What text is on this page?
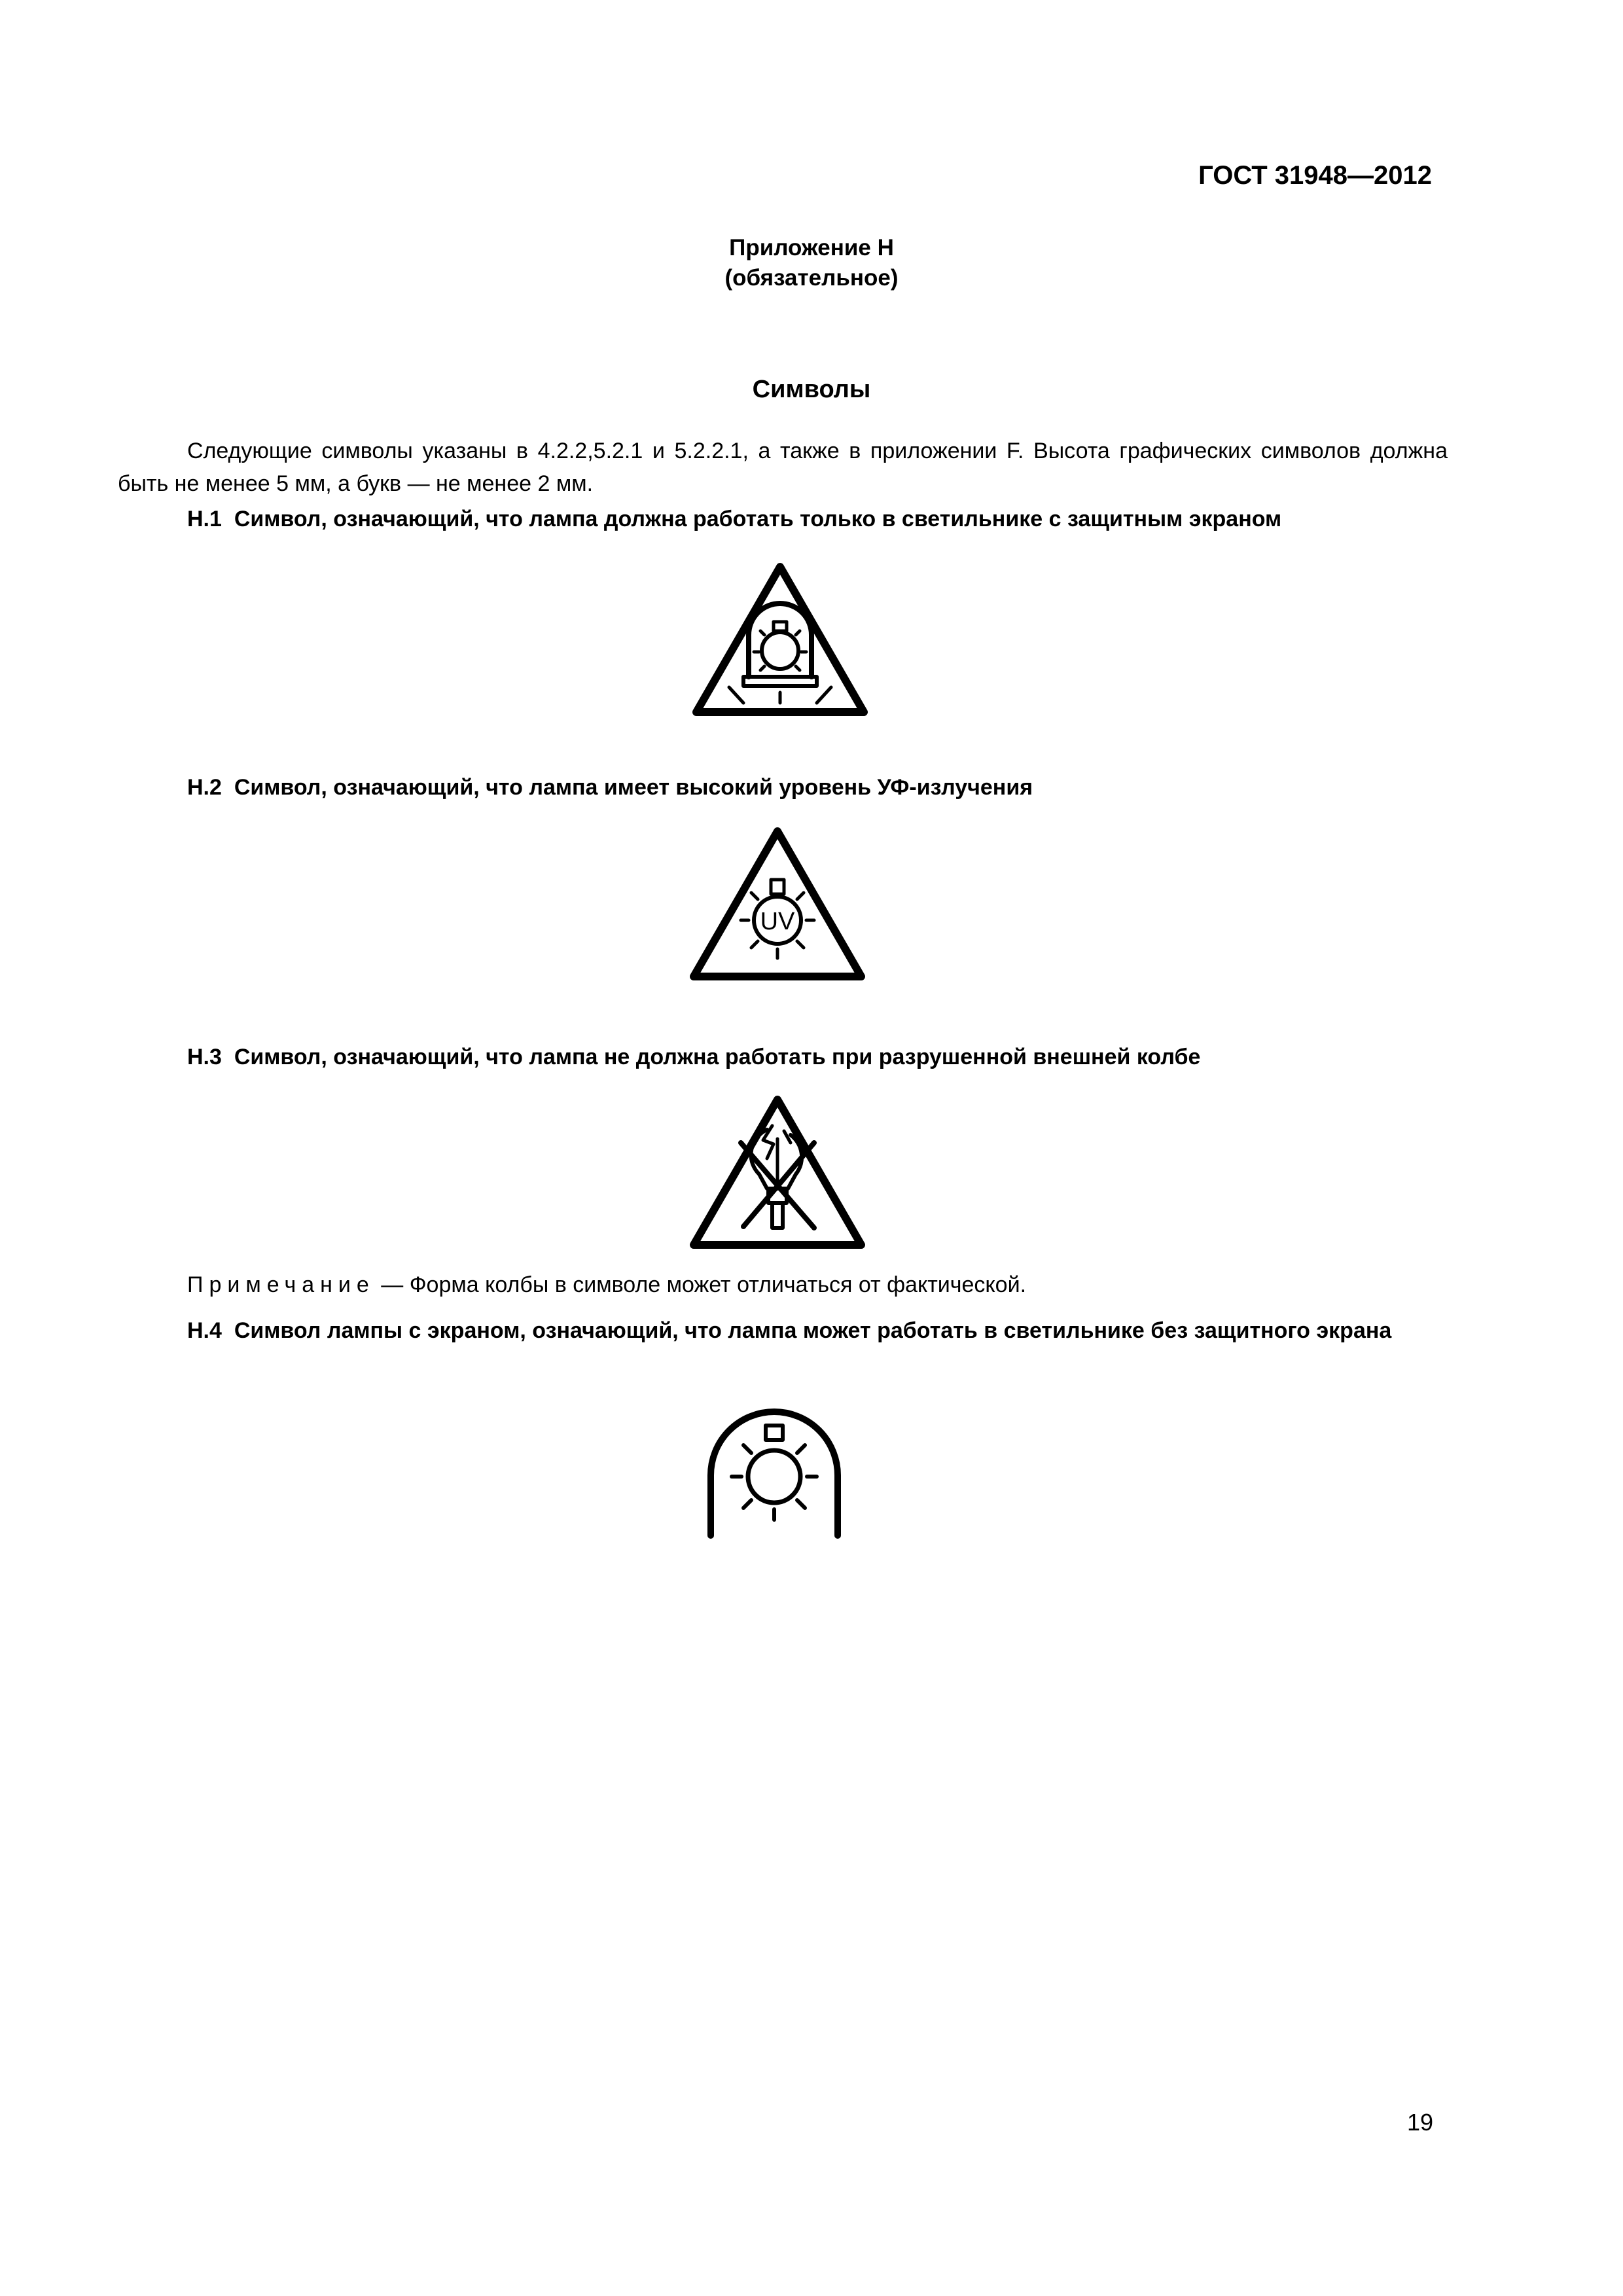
ГОСТ 31948—2012
Приложение Н
(обязательное)
Символы
Следующие символы указаны в 4.2.2,5.2.1 и 5.2.2.1, а также в приложении F. Высота графических символов должна быть не менее 5 мм, а букв — не менее 2 мм.
Н.1 Символ, означающий, что лампа должна работать только в светильнике с защитным экраном
Н.2 Символ, означающий, что лампа имеет высокий уровень УФ-излучения
UV
Н.3 Символ, означающий, что лампа не должна работать при разрушенной внешней колбе
Примечание — Форма колбы в символе может отличаться от фактической.
Н.4 Символ лампы с экраном, означающий, что лампа может работать в светильнике без защитного экрана
19
